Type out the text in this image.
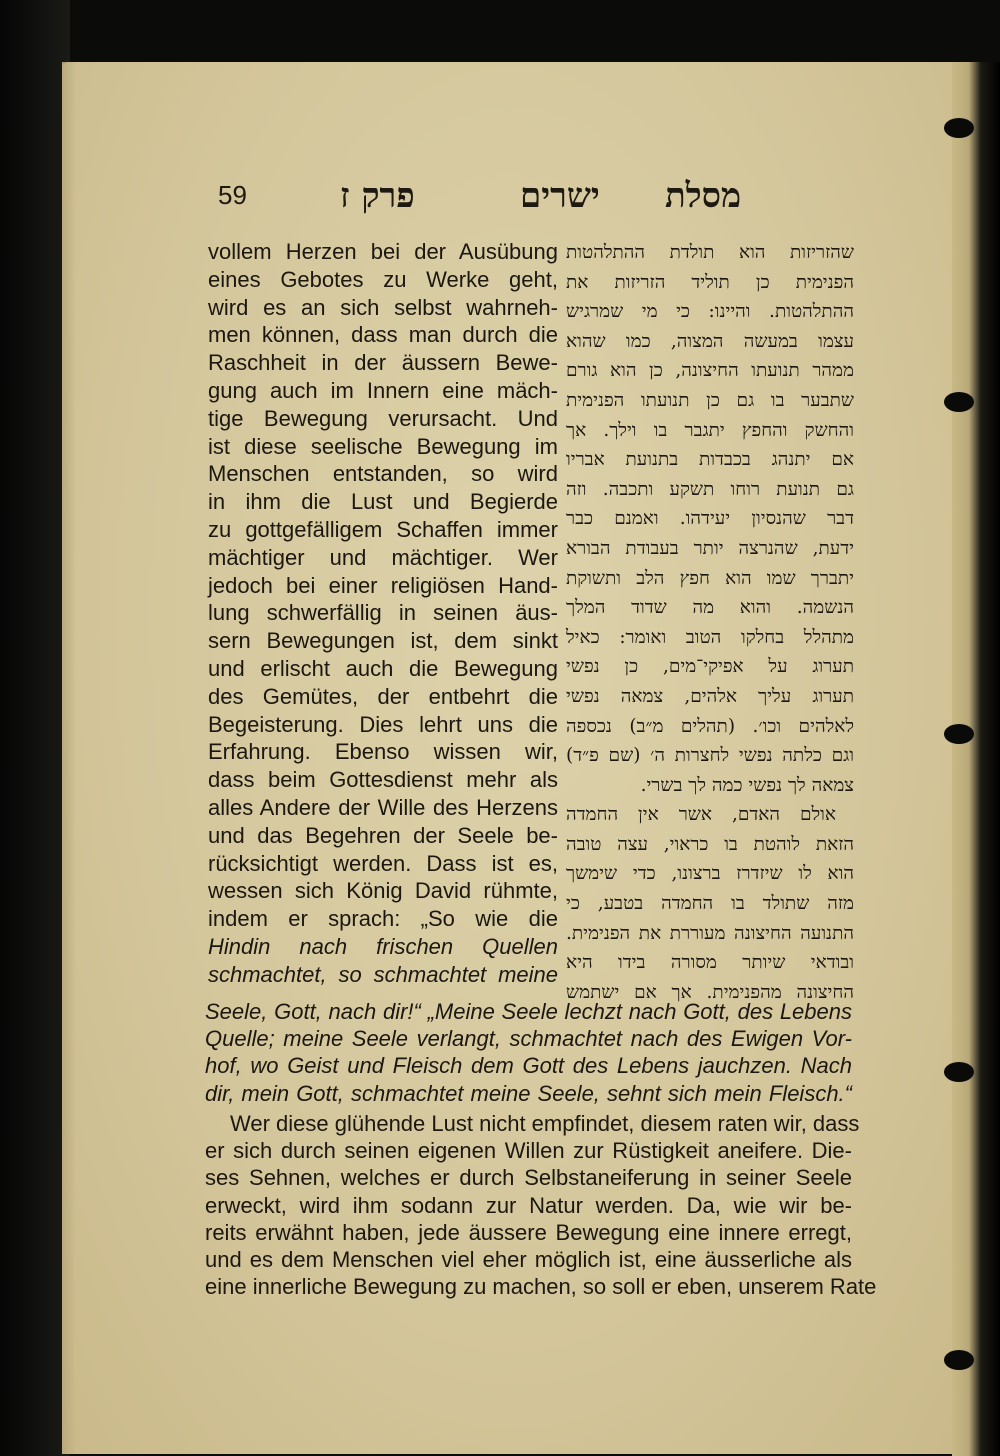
59	מסלת
ישרים
פרק ז
vollem Herzen bei der Ausübung
eines Gebotes zu Werke geht,
wird es an sich selbst wahrneh-
men können, dass man durch die
Raschheit in der äussern Bewe-
gung auch im Innern eine mäch-
tige Bewegung verursacht. Und
ist diese seelische Bewegung im
Menschen entstanden, so wird
in ihm die Lust und Begierde
zu gottgefälligem Schaffen immer
mächtiger und mächtiger. Wer
jedoch bei einer religiösen Hand-
lung schwerfällig in seinen äus-
sern Bewegungen ist, dem sinkt
und erlischt auch die Bewegung
des Gemütes, der entbehrt die
Begeisterung. Dies lehrt uns die
Erfahrung. Ebenso wissen wir,
dass beim Gottesdienst mehr als
alles Andere der Wille des Herzens
und das Begehren der Seele be-
rücksichtigt werden. Dass ist es,
wessen sich König David rühmte,
indem er sprach: „So wie die
Hindin nach frischen Quellen
schmachtet, so schmachtet meine
שהזריזות הוא תולדת ההתלהטות
הפנימית כן תוליד הזריזות את
ההתלהטות. והיינו: כי מי שמרגיש
עצמו במעשה המצוה, כמו שהוא
ממהר תנועתו החיצונה, כן הוא גורם
שתבער בו גם כן תנועתו הפנימית
והחשק והחפץ יתגבר בו וילך. אך
אם יתנהג בכבדות בתנועת אבריו
גם תנועת רוחו תשקע ותכבה. וזה
דבר שהנסיון יעידהו. ואמנם כבר
ידעת, שהנרצה יותר בעבודת הבורא
יתברך שמו הוא חפץ הלב ותשוקת
הנשמה. והוא מה שדוד המלך
מתהלל בחלקו הטוב ואומר: כאיל
תערוג על אפיקי־מים, כן נפשי
תערוג עליך אלהים, צמאה נפשי
לאלהים וכו׳. (תהלים מ״ב) נכספה
וגם כלתה נפשי לחצרות ה׳ (שם פ״ד)
צמאה לך נפשי כמה לך בשרי.
אולם האדם, אשר אין החמדה
הזאת לוהטת בו כראוי, עצה טובה
הוא לו שיזדרז ברצונו, כדי שימשך
מזה שתולד בו החמדה בטבע, כי
התנועה החיצונה מעוררת את הפנימית.
ובודאי שיותר מסורה בידו היא
החיצונה מהפנימית. אך אם ישתמש
Seele, Gott, nach dir!“ „Meine Seele lechzt nach Gott, des Lebens
Quelle; meine Seele verlangt, schmachtet nach des Ewigen Vor-
hof, wo Geist und Fleisch dem Gott des Lebens jauchzen. Nach
dir, mein Gott, schmachtet meine Seele, sehnt sich mein Fleisch.“
Wer diese glühende Lust nicht empfindet, diesem raten wir, dass
er sich durch seinen eigenen Willen zur Rüstigkeit aneifere. Die-
ses Sehnen, welches er durch Selbstaneiferung in seiner Seele
erweckt, wird ihm sodann zur Natur werden. Da, wie wir be-
reits erwähnt haben, jede äussere Bewegung eine innere erregt,
und es dem Menschen viel eher möglich ist, eine äusserliche als
eine innerliche Bewegung zu machen, so soll er eben, unserem Rate
